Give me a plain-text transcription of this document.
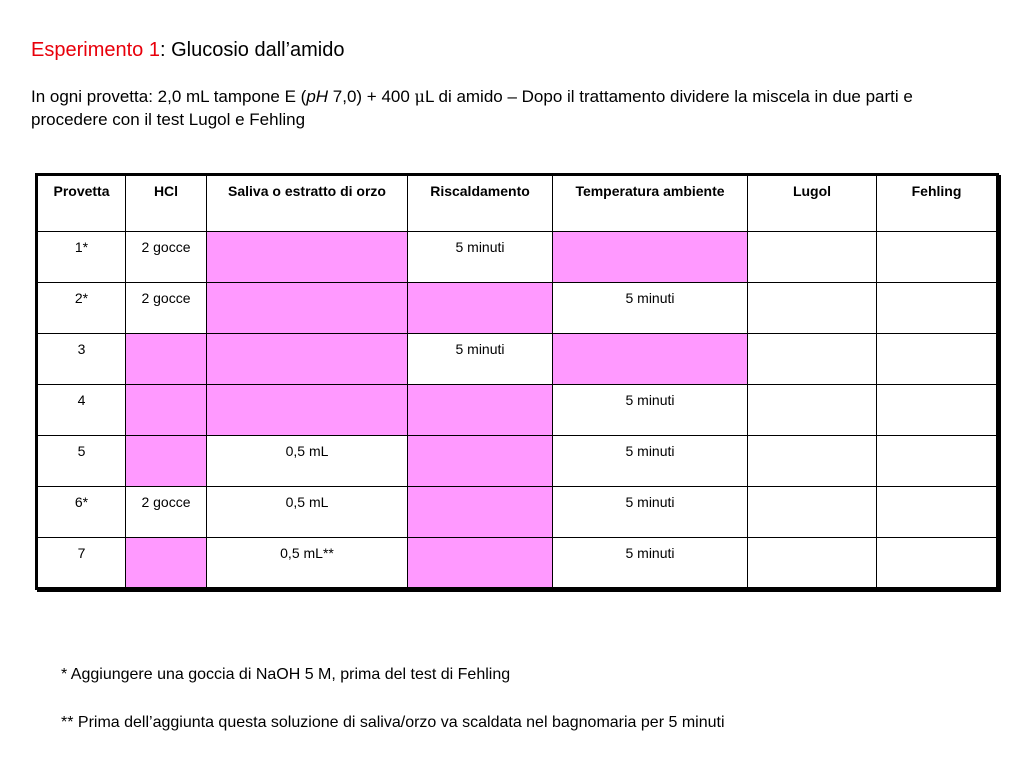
Esperimento 1: Glucosio dall’amido
In ogni provetta: 2,0 mL tampone E (pH 7,0) + 400 μL di amido – Dopo il trattamento dividere la miscela in due parti e procedere con il test Lugol e Fehling
Provetta	HCl	Saliva o estratto di orzo	Riscaldamento	Temperatura ambiente	Lugol	Fehling
1*	2 gocce		5 minuti			
2*	2 gocce			5 minuti		
3			5 minuti			
4				5 minuti		
5		0,5 mL		5 minuti		
6*	2 gocce	0,5 mL		5 minuti		
7		0,5 mL**		5 minuti		
* Aggiungere una goccia di NaOH 5 M, prima del test di Fehling
** Prima dell’aggiunta questa soluzione di saliva/orzo va scaldata nel bagnomaria per 5 minuti
